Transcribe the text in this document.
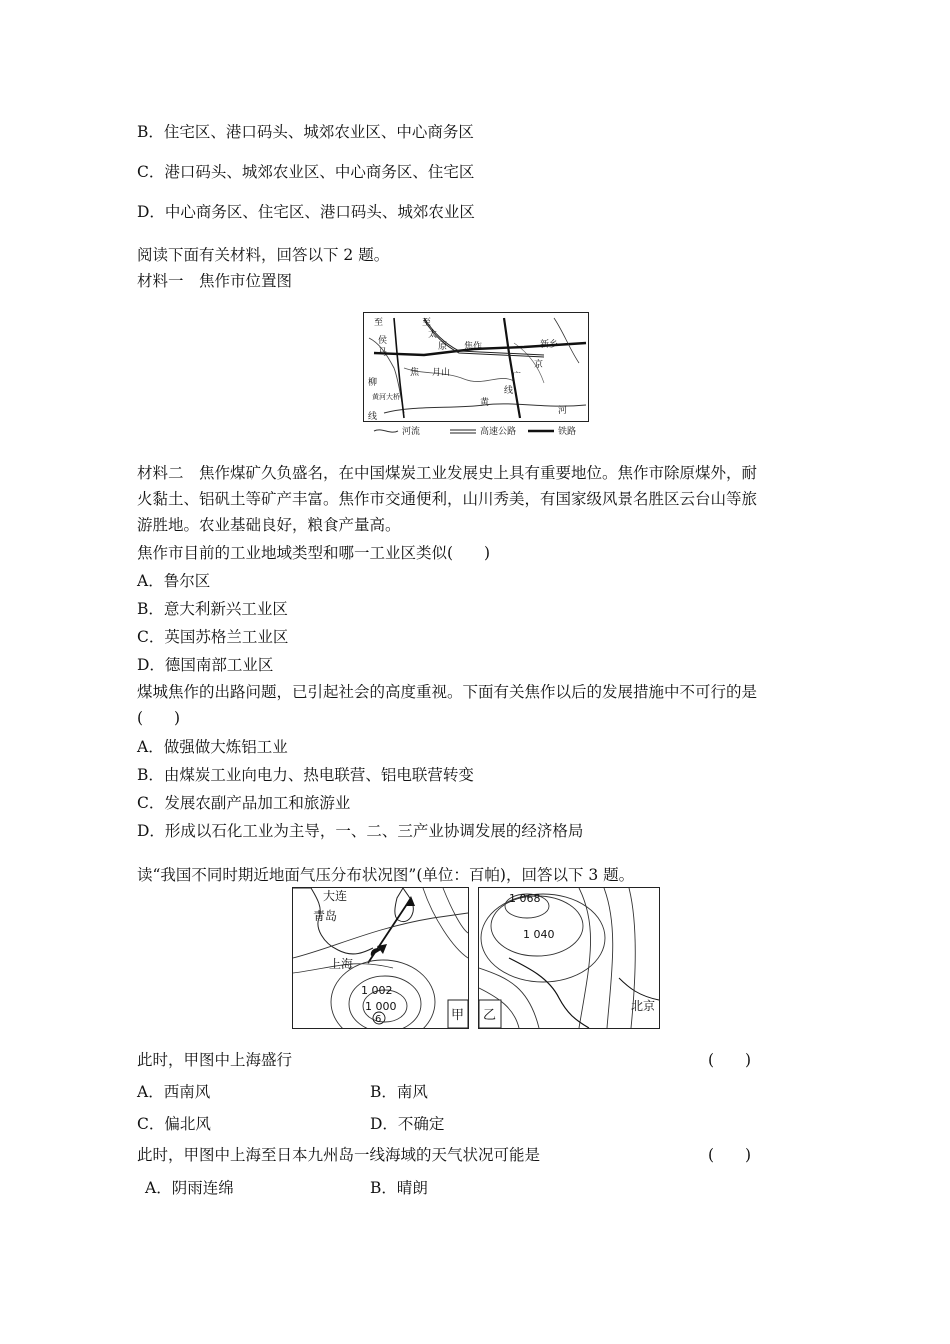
B．住宅区、港口码头、城郊农业区、中心商务区
C．港口码头、城郊农业区、中心商务区、住宅区
D．中心商务区、住宅区、港口码头、城郊农业区
阅读下面有关材料，回答以下 2 题。
材料一　焦作市位置图
至
侯
马
至
太
原 焦作	新乡
柳
线
焦 月山
京
广
线
黄河大桥
黄
河
河流	高速公路	铁路
材料二　焦作煤矿久负盛名，在中国煤炭工业发展史上具有重要地位。焦作市除原煤外，耐
火黏土、铝矾土等矿产丰富。焦作市交通便利，山川秀美，有国家级风景名胜区云台山等旅
游胜地。农业基础良好，粮食产量高。
焦作市目前的工业地域类型和哪一工业区类似(　　)
A．鲁尔区
B．意大利新兴工业区
C．英国苏格兰工业区
D．德国南部工业区
煤城焦作的出路问题，已引起社会的高度重视。下面有关焦作以后的发展措施中不可行的是
(　　)
A．做强做大炼铝工业
B．由煤炭工业向电力、热电联营、铝电联营转变
C．发展农副产品加工和旅游业
D．形成以石化工业为主导，一、二、三产业协调发展的经济格局
读“我国不同时期近地面气压分布状况图”(单位：百帕)，回答以下 3 题。
大连
青岛
上海
1 002
1 000
6	甲
1 068
1 040
北京
乙
此时，甲图中上海盛行	(　　)
A．西南风	B．南风
C．偏北风	D．不确定
此时，甲图中上海至日本九州岛一线海域的天气状况可能是	(　　)
A．阴雨连绵	B．晴朗
